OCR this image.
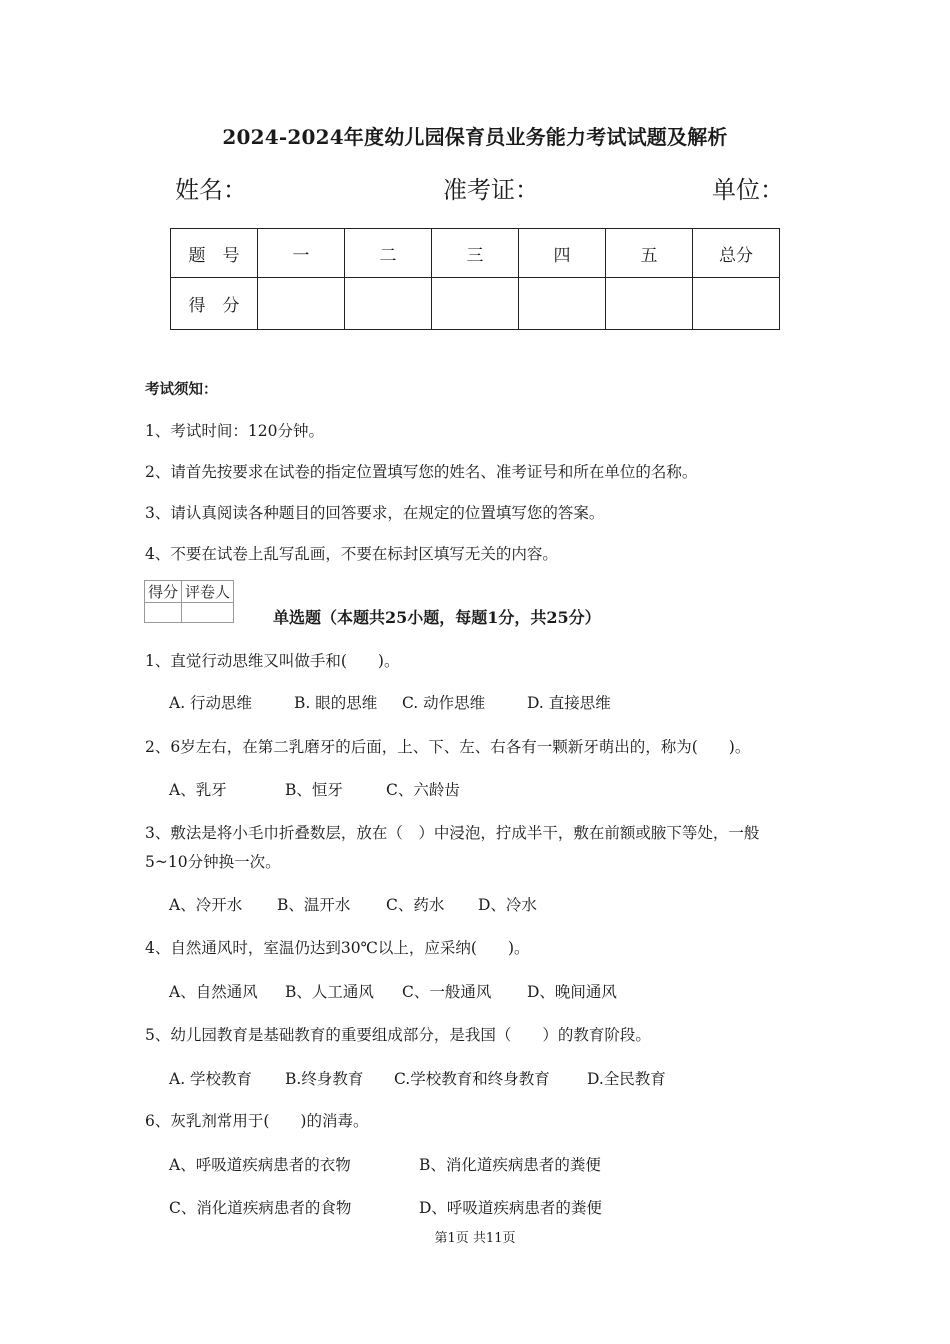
2024-2024年度幼儿园保育员业务能力考试试题及解析
姓名：	准考证：	单位：
题　号	一	二	三	四	五	总分
得　分						
考试须知：
1、考试时间：120分钟。
2、请首先按要求在试卷的指定位置填写您的姓名、准考证号和所在单位的名称。
3、请认真阅读各种题目的回答要求，在规定的位置填写您的答案。
4、不要在试卷上乱写乱画，不要在标封区填写无关的内容。
得分	评卷人

单选题（本题共25小题，每题1分，共25分）
1、直觉行动思维又叫做手和(　　)。
A. 行动思维	B. 眼的思维 C. 动作思维	D. 直接思维
2、6岁左右，在第二乳磨牙的后面，上、下、左、右各有一颗新牙萌出的，称为(　　)。
A、乳牙	B、恒牙	C、六龄齿
3、敷法是将小毛巾折叠数层，放在（　）中浸泡，拧成半干，敷在前额或腋下等处，一般
5~10分钟换一次。
A、冷开水 B、温开水 C、药水 D、冷水
4、自然通风时，室温仍达到30℃以上，应采纳(　　)。
A、自然通风 B、人工通风 C、一般通风 D、晚间通风
5、幼儿园教育是基础教育的重要组成部分，是我国（　　）的教育阶段。
A. 学校教育 B.终身教育 C.学校教育和终身教育 D.全民教育
6、灰乳剂常用于(　　)的消毒。
A、呼吸道疾病患者的衣物	B、消化道疾病患者的粪便
C、消化道疾病患者的食物	D、呼吸道疾病患者的粪便
第1页 共11页
